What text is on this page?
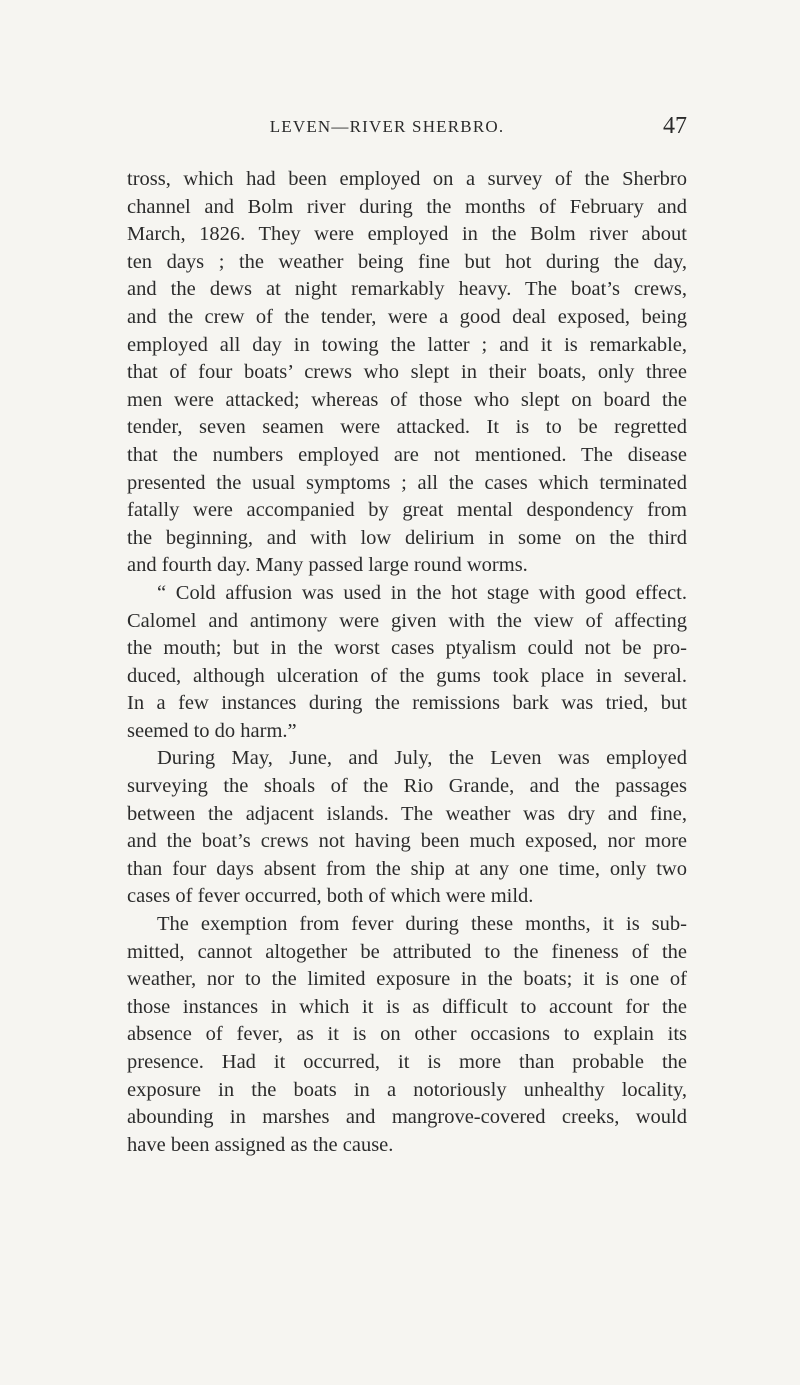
LEVEN—RIVER SHERBRO.	47
tross, which had been employed on a survey of the Sherbro
channel and Bolm river during the months of February and
March, 1826. They were employed in the Bolm river about
ten days ; the weather being fine but hot during the day,
and the dews at night remarkably heavy. The boat’s crews,
and the crew of the tender, were a good deal exposed, being
employed all day in towing the latter ; and it is remarkable,
that of four boats’ crews who slept in their boats, only three
men were attacked; whereas of those who slept on board the
tender, seven seamen were attacked. It is to be regretted
that the numbers employed are not mentioned. The disease
presented the usual symptoms ; all the cases which terminated
fatally were accompanied by great mental despondency from
the beginning, and with low delirium in some on the third
and fourth day. Many passed large round worms.
“ Cold affusion was used in the hot stage with good effect.
Calomel and antimony were given with the view of affecting
the mouth; but in the worst cases ptyalism could not be pro-
duced, although ulceration of the gums took place in several.
In a few instances during the remissions bark was tried, but
seemed to do harm.”
During May, June, and July, the Leven was employed
surveying the shoals of the Rio Grande, and the passages
between the adjacent islands. The weather was dry and fine,
and the boat’s crews not having been much exposed, nor more
than four days absent from the ship at any one time, only two
cases of fever occurred, both of which were mild.
The exemption from fever during these months, it is sub-
mitted, cannot altogether be attributed to the fineness of the
weather, nor to the limited exposure in the boats; it is one of
those instances in which it is as difficult to account for the
absence of fever, as it is on other occasions to explain its
presence. Had it occurred, it is more than probable the
exposure in the boats in a notoriously unhealthy locality,
abounding in marshes and mangrove-covered creeks, would
have been assigned as the cause.
